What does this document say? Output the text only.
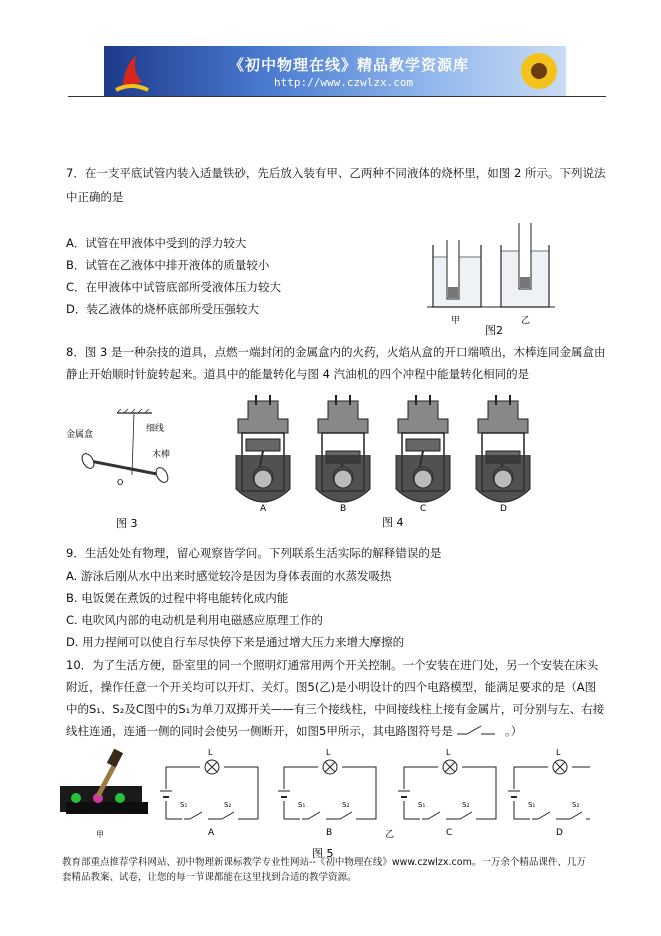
《初中物理在线》精品教学资源库
http://www.czwlzx.com
7．在一支平底试管内装入适量铁砂，先后放入装有甲、乙两种不同液体的烧杯里，如图 2 所示。下列说法
中正确的是
A．试管在甲液体中受到的浮力较大
B．试管在乙液体中排开液体的质量较小
C．在甲液体中试管底部所受液体压力较大
D．装乙液体的烧杯底部所受压强较大
甲	乙
图2
8．图 3 是一种杂技的道具，点燃一端封闭的金属盒内的火药，火焰从盒的开口端喷出，木棒连同金属盒由
静止开始顺时针旋转起来。道具中的能量转化与图 4 汽油机的四个冲程中能量转化相同的是
金属盒
细线
木棒
O
图 3	图 4
A	B	C	D
9．生活处处有物理，留心观察皆学问。下列联系生活实际的解释错误的是
A. 游泳后刚从水中出来时感觉较冷是因为身体表面的水蒸发吸热
B. 电饭煲在煮饭的过程中将电能转化成内能
C. 电吹风内部的电动机是利用电磁感应原理工作的
D. 用力捏闸可以使自行车尽快停下来是通过增大压力来增大摩擦的
10．为了生活方便，卧室里的同一个照明灯通常用两个开关控制。一个安装在进门处，另一个安装在床头
附近，操作任意一个开关均可以开灯、关灯。图5(乙)是小明设计的四个电路模型，能满足要求的是（A图
中的S₁、S₂及C图中的S₁为单刀双掷开关——有三个接线柱，中间接线柱上接有金属片，可分别与左、右接
线柱连通，连通一侧的同时会使另一侧断开，如图5甲所示，其电路图符号是	。）
甲	乙
图 5
L
S₁	S₂
A
L
S₁	S₂
B
L
S₁	S₂
C
L
S₁	S₂
D
教育部重点推荐学科网站、初中物理新课标教学专业性网站--《初中物理在线》www.czwlzx.com。一万余个精品课件、几万
套精品教案、试卷，让您的每一节课都能在这里找到合适的教学资源。
